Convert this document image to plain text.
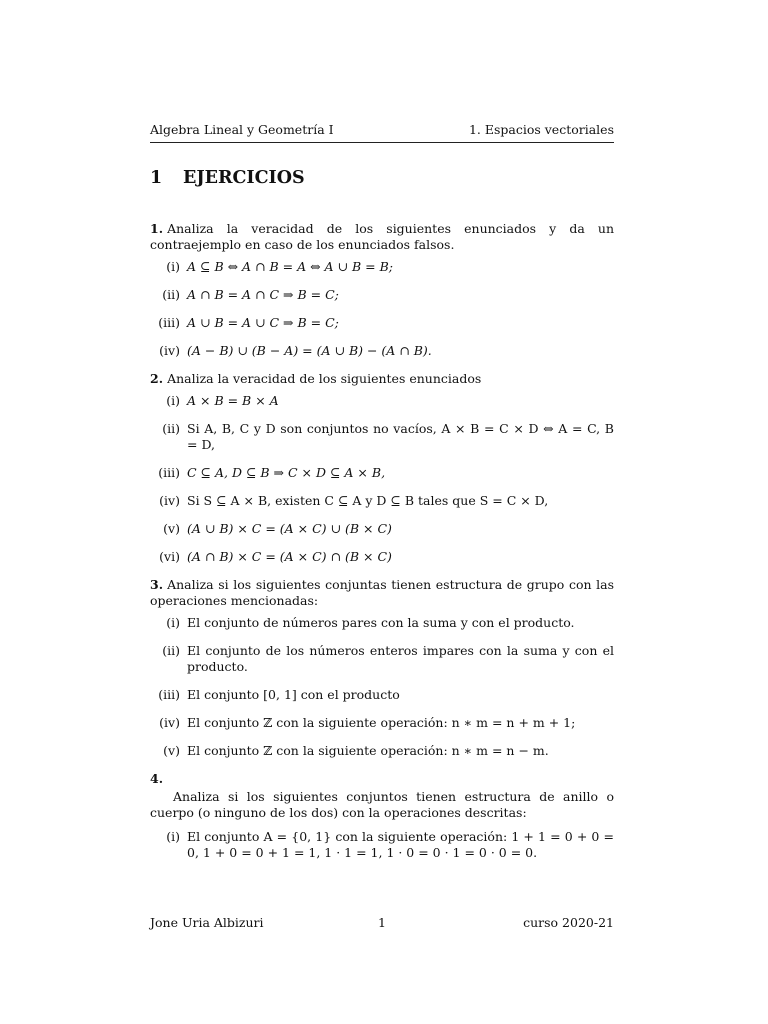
Algebra Lineal y Geometría I	1. Espacios vectoriales
1 EJERCICIOS

1. Analiza la veracidad de los siguientes enunciados y da un contraejemplo en caso de los enunciados falsos.

(i) A ⊆ B ⇔ A ∩ B = A ⇔ A ∪ B = B;
(ii) A ∩ B = A ∩ C ⇒ B = C;
(iii) A ∪ B = A ∪ C ⇒ B = C;
(iv) (A − B) ∪ (B − A) = (A ∪ B) − (A ∩ B).

2. Analiza la veracidad de los siguientes enunciados

(i) A × B = B × A
(ii) Si A, B, C y D son conjuntos no vacíos, A × B = C × D ⇔ A = C, B = D,
(iii) C ⊆ A, D ⊆ B ⇒ C × D ⊆ A × B,
(iv) Si S ⊆ A × B, existen C ⊆ A y D ⊆ B tales que S = C × D,
(v) (A ∪ B) × C = (A × C) ∪ (B × C)
(vi) (A ∩ B) × C = (A × C) ∩ (B × C)

3. Analiza si los siguientes conjuntas tienen estructura de grupo con las operaciones mencionadas:

(i) El conjunto de números pares con la suma y con el producto.
(ii) El conjunto de los números enteros impares con la suma y con el producto.
(iii) El conjunto [0, 1] con el producto
(iv) El conjunto ℤ con la siguiente operación: n ∗ m = n + m + 1;
(v) El conjunto ℤ con la siguiente operación: n ∗ m = n − m.

4.

Analiza si los siguientes conjuntos tienen estructura de anillo o cuerpo (o ninguno de los dos) con la operaciones descritas:

(i) El conjunto A = {0, 1} con la siguiente operación: 1 + 1 = 0 + 0 = 0, 1 + 0 = 0 + 1 = 1, 1 · 1 = 1, 1 · 0 = 0 · 1 = 0 · 0 = 0.
Jone Uria Albizuri	1	curso 2020-21
